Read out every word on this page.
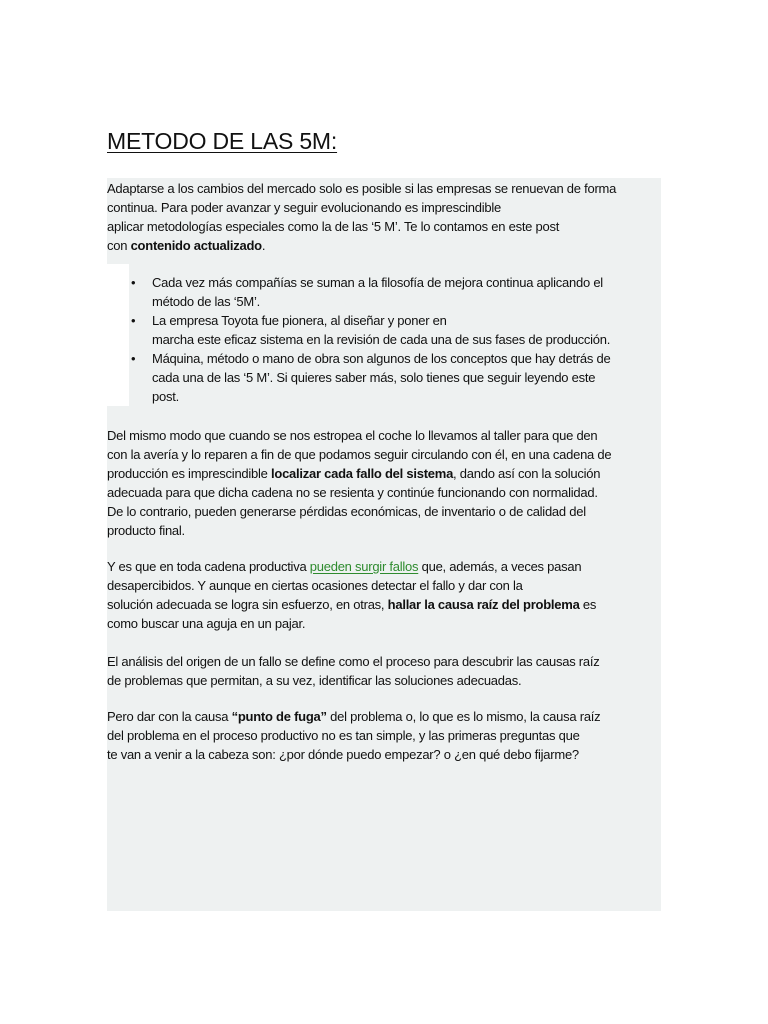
METODO DE LAS 5M:

Adaptarse a los cambios del mercado solo es posible si las empresas se renuevan de forma
continua. Para poder avanzar y seguir evolucionando es imprescindible
aplicar metodologías especiales como la de las ‘5 M’. Te lo contamos en este post
con contenido actualizado.

• Cada vez más compañías se suman a la filosofía de mejora continua aplicando el
método de las ‘5M’.
• La empresa Toyota fue pionera, al diseñar y poner en
marcha este eficaz sistema en la revisión de cada una de sus fases de producción.
• Máquina, método o mano de obra son algunos de los conceptos que hay detrás de
cada una de las ‘5 M’. Si quieres saber más, solo tienes que seguir leyendo este
post.

Del mismo modo que cuando se nos estropea el coche lo llevamos al taller para que den
con la avería y lo reparen a fin de que podamos seguir circulando con él, en una cadena de
producción es imprescindible localizar cada fallo del sistema, dando así con la solución
adecuada para que dicha cadena no se resienta y continúe funcionando con normalidad.
De lo contrario, pueden generarse pérdidas económicas, de inventario o de calidad del
producto final.

Y es que en toda cadena productiva pueden surgir fallos que, además, a veces pasan
desapercibidos. Y aunque en ciertas ocasiones detectar el fallo y dar con la
solución adecuada se logra sin esfuerzo, en otras, hallar la causa raíz del problema es
como buscar una aguja en un pajar.

El análisis del origen de un fallo se define como el proceso para descubrir las causas raíz
de problemas que permitan, a su vez, identificar las soluciones adecuadas.

Pero dar con la causa “punto de fuga” del problema o, lo que es lo mismo, la causa raíz
del problema en el proceso productivo no es tan simple, y las primeras preguntas que
te van a venir a la cabeza son: ¿por dónde puedo empezar? o ¿en qué debo fijarme?
